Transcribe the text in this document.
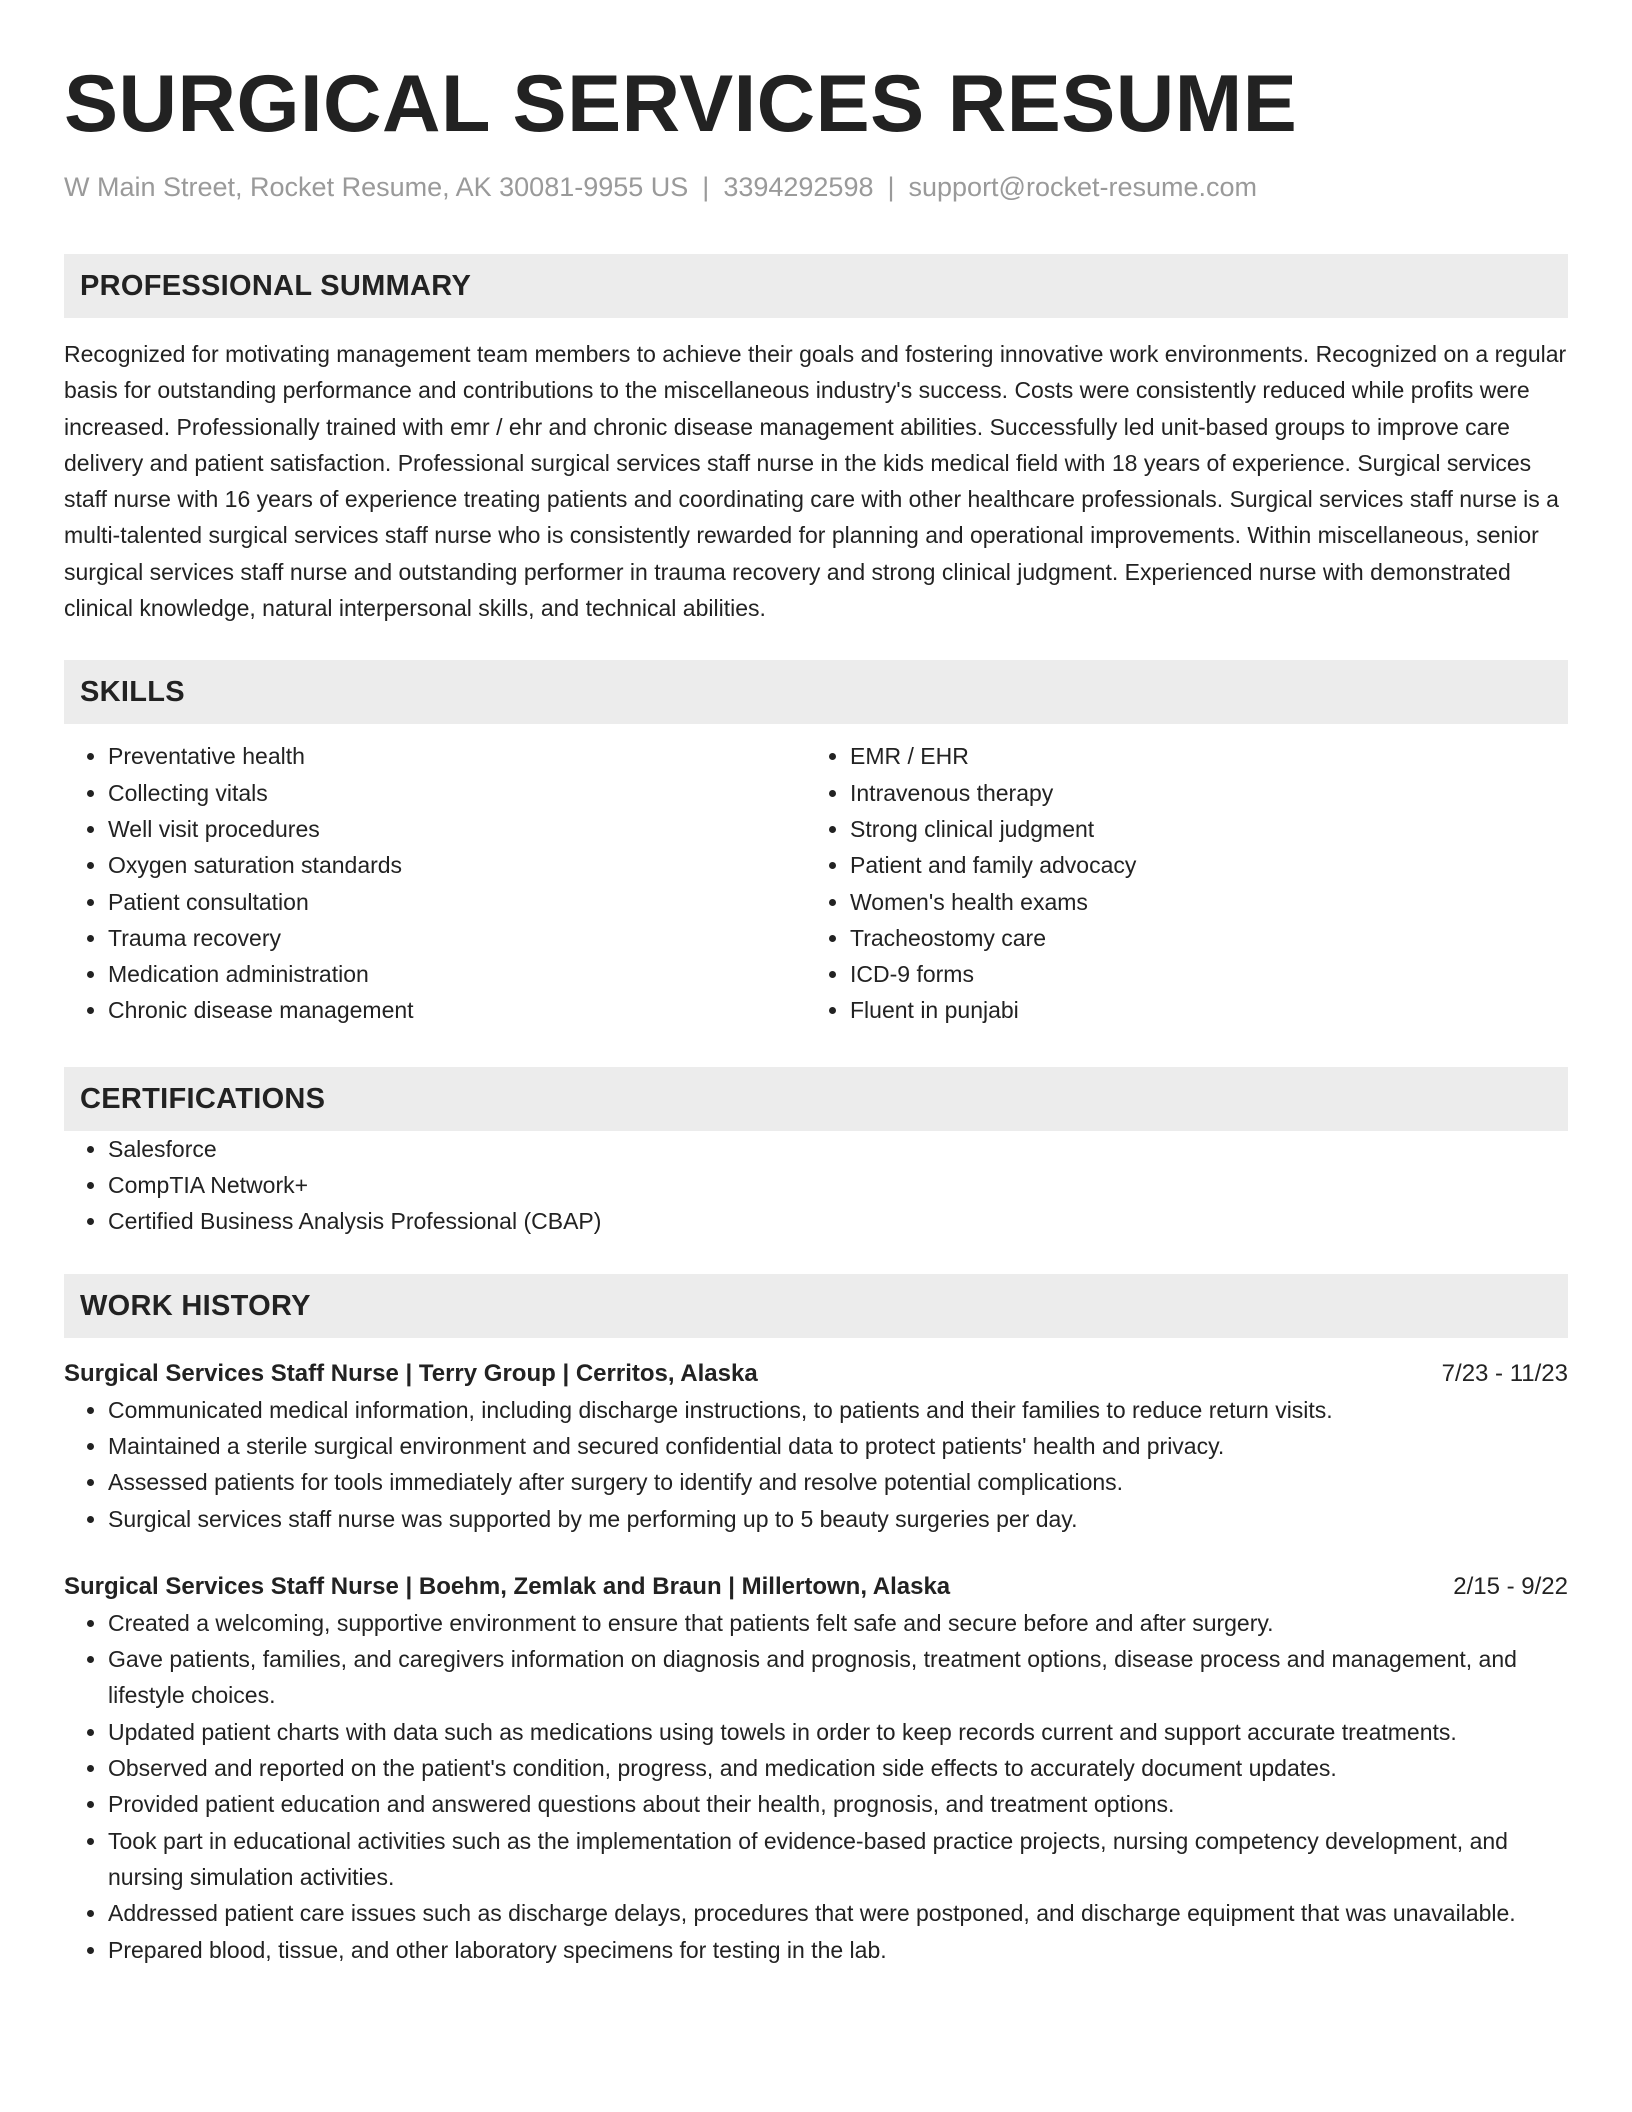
SURGICAL SERVICES RESUME
W Main Street, Rocket Resume, AK 30081-9955 US | 3394292598 | support@rocket-resume.com
PROFESSIONAL SUMMARY

Recognized for motivating management team members to achieve their goals and fostering innovative work environments. Recognized on a regular basis for outstanding performance and contributions to the miscellaneous industry's success. Costs were consistently reduced while profits were increased. Professionally trained with emr / ehr and chronic disease management abilities. Successfully led unit-based groups to improve care delivery and patient satisfaction. Professional surgical services staff nurse in the kids medical field with 18 years of experience. Surgical services staff nurse with 16 years of experience treating patients and coordinating care with other healthcare professionals. Surgical services staff nurse is a multi-talented surgical services staff nurse who is consistently rewarded for planning and operational improvements. Within miscellaneous, senior surgical services staff nurse and outstanding performer in trauma recovery and strong clinical judgment. Experienced nurse with demonstrated clinical knowledge, natural interpersonal skills, and technical abilities.

SKILLS
• Preventative health
• Collecting vitals
• Well visit procedures
• Oxygen saturation standards
• Patient consultation
• Trauma recovery
• Medication administration
• Chronic disease management
• EMR / EHR
• Intravenous therapy
• Strong clinical judgment
• Patient and family advocacy
• Women's health exams
• Tracheostomy care
• ICD-9 forms
• Fluent in punjabi
CERTIFICATIONS
• Salesforce
• CompTIA Network+
• Certified Business Analysis Professional (CBAP)
WORK HISTORY
Surgical Services Staff Nurse | Terry Group | Cerritos, Alaska	7/23 - 11/23
• Communicated medical information, including discharge instructions, to patients and their families to reduce return visits.
• Maintained a sterile surgical environment and secured confidential data to protect patients' health and privacy.
• Assessed patients for tools immediately after surgery to identify and resolve potential complications.
• Surgical services staff nurse was supported by me performing up to 5 beauty surgeries per day.
Surgical Services Staff Nurse | Boehm, Zemlak and Braun | Millertown, Alaska	2/15 - 9/22
• Created a welcoming, supportive environment to ensure that patients felt safe and secure before and after surgery.
• Gave patients, families, and caregivers information on diagnosis and prognosis, treatment options, disease process and management, and lifestyle choices.
• Updated patient charts with data such as medications using towels in order to keep records current and support accurate treatments.
• Observed and reported on the patient's condition, progress, and medication side effects to accurately document updates.
• Provided patient education and answered questions about their health, prognosis, and treatment options.
• Took part in educational activities such as the implementation of evidence-based practice projects, nursing competency development, and nursing simulation activities.
• Addressed patient care issues such as discharge delays, procedures that were postponed, and discharge equipment that was unavailable.
• Prepared blood, tissue, and other laboratory specimens for testing in the lab.
